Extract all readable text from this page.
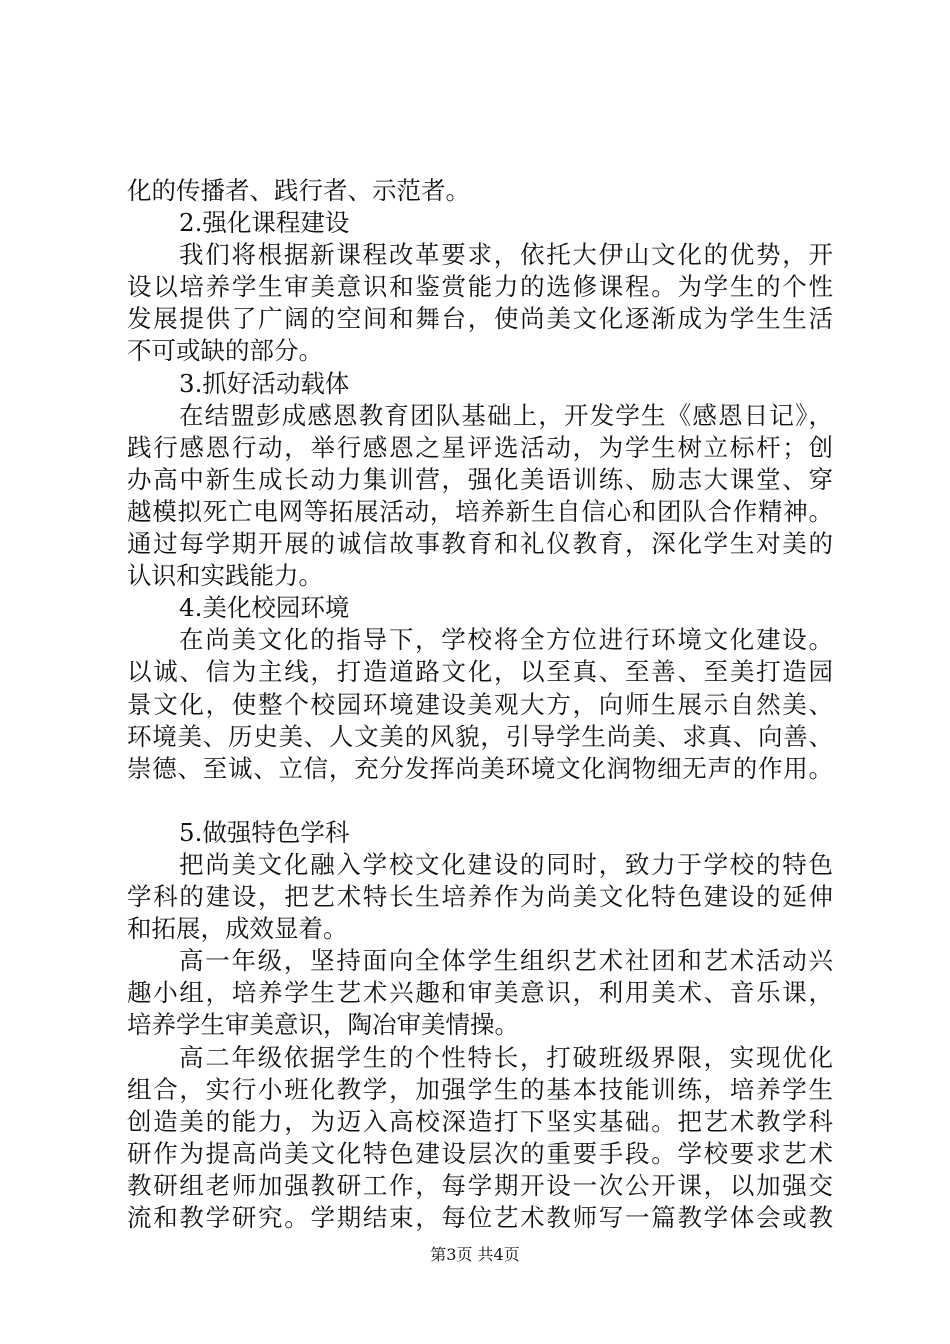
化的传播者、践行者、示范者。
2.强化课程建设
我们将根据新课程改革要求，依托大伊山文化的优势，开
设以培养学生审美意识和鉴赏能力的选修课程。为学生的个性
发展提供了广阔的空间和舞台，使尚美文化逐渐成为学生生活
不可或缺的部分。
3.抓好活动载体
在结盟彭成感恩教育团队基础上，开发学生《感恩日记》，
践行感恩行动，举行感恩之星评选活动，为学生树立标杆；创
办高中新生成长动力集训营，强化美语训练、励志大课堂、穿
越模拟死亡电网等拓展活动，培养新生自信心和团队合作精神。
通过每学期开展的诚信故事教育和礼仪教育，深化学生对美的
认识和实践能力。
4.美化校园环境
在尚美文化的指导下，学校将全方位进行环境文化建设。
以诚、信为主线，打造道路文化，以至真、至善、至美打造园
景文化，使整个校园环境建设美观大方，向师生展示自然美、
环境美、历史美、人文美的风貌，引导学生尚美、求真、向善、
崇德、至诚、立信，充分发挥尚美环境文化润物细无声的作用。
5.做强特色学科
把尚美文化融入学校文化建设的同时，致力于学校的特色
学科的建设，把艺术特长生培养作为尚美文化特色建设的延伸
和拓展，成效显着。
高一年级，坚持面向全体学生组织艺术社团和艺术活动兴
趣小组，培养学生艺术兴趣和审美意识，利用美术、音乐课，
培养学生审美意识，陶冶审美情操。
高二年级依据学生的个性特长，打破班级界限，实现优化
组合，实行小班化教学，加强学生的基本技能训练，培养学生
创造美的能力，为迈入高校深造打下坚实基础。把艺术教学科
研作为提高尚美文化特色建设层次的重要手段。学校要求艺术
教研组老师加强教研工作，每学期开设一次公开课，以加强交
流和教学研究。学期结束，每位艺术教师写一篇教学体会或教
第3页 共4页
